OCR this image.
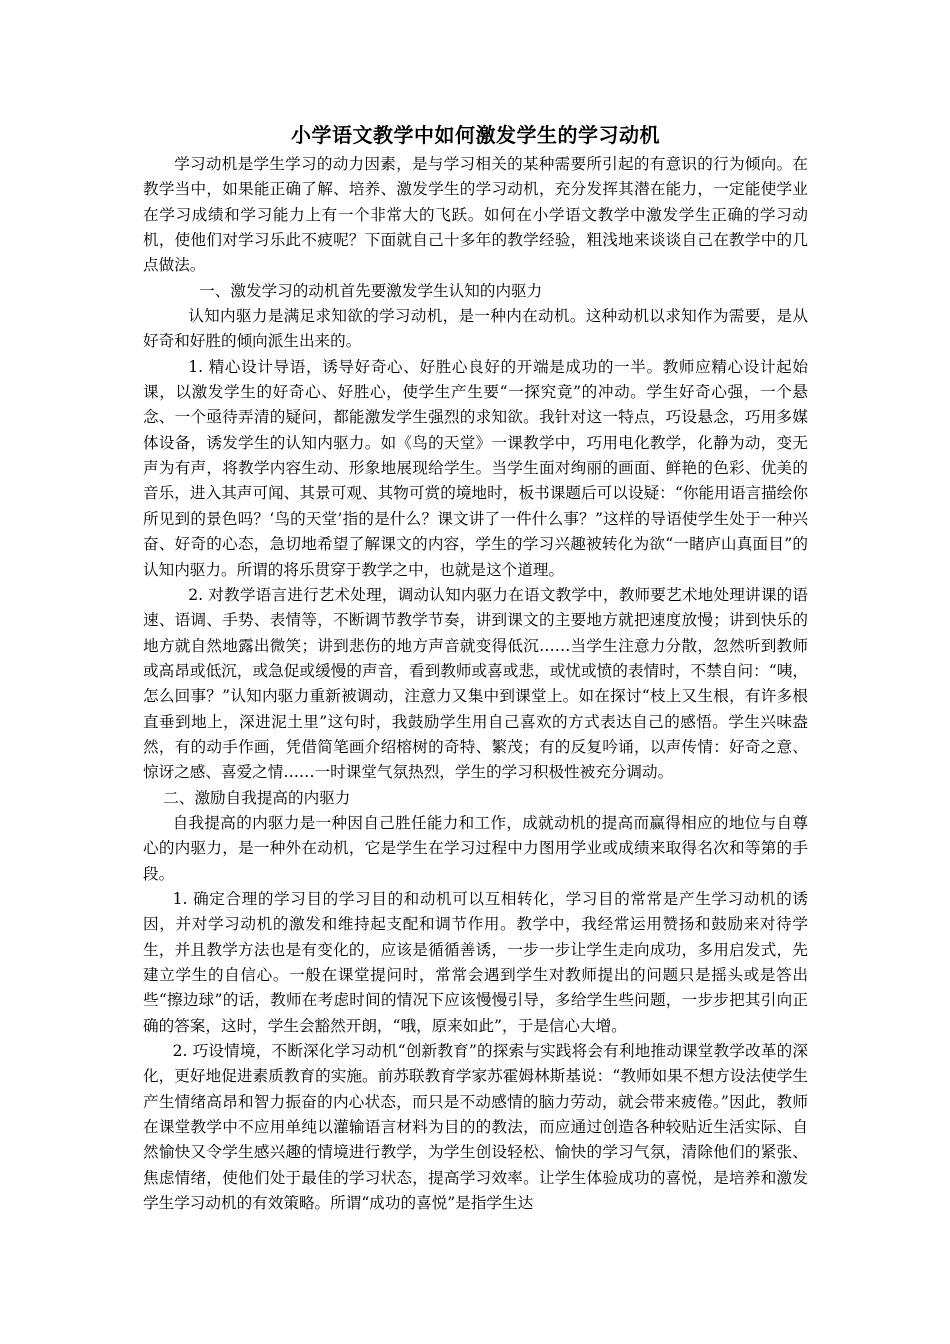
小学语文教学中如何激发学生的学习动机

学习动机是学生学习的动力因素，是与学习相关的某种需要所引起的有意识的行为倾向。在教学当中，如果能正确了解、培养、激发学生的学习动机，充分发挥其潜在能力，一定能使学业在学习成绩和学习能力上有一个非常大的飞跃。如何在小学语文教学中激发学生正确的学习动机，使他们对学习乐此不疲呢？下面就自己十多年的教学经验，粗浅地来谈谈自己在教学中的几点做法。

一、激发学习的动机首先要激发学生认知的内驱力

认知内驱力是满足求知欲的学习动机，是一种内在动机。这种动机以求知作为需要，是从好奇和好胜的倾向派生出来的。

1. 精心设计导语，诱导好奇心、好胜心良好的开端是成功的一半。教师应精心设计起始课，以激发学生的好奇心、好胜心，使学生产生要“一探究竟”的冲动。学生好奇心强，一个悬念、一个亟待弄清的疑问，都能激发学生强烈的求知欲。我针对这一特点，巧设悬念，巧用多媒体设备，诱发学生的认知内驱力。如《鸟的天堂》一课教学中，巧用电化教学，化静为动，变无声为有声，将教学内容生动、形象地展现给学生。当学生面对绚丽的画面、鲜艳的色彩、优美的音乐，进入其声可闻、其景可观、其物可赏的境地时，板书课题后可以设疑：“你能用语言描绘你所见到的景色吗？‘鸟的天堂’指的是什么？课文讲了一件什么事？”这样的导语使学生处于一种兴奋、好奇的心态，急切地希望了解课文的内容，学生的学习兴趣被转化为欲“一睹庐山真面目”的认知内驱力。所谓的将乐贯穿于教学之中，也就是这个道理。

2. 对教学语言进行艺术处理，调动认知内驱力在语文教学中，教师要艺术地处理讲课的语速、语调、手势、表情等，不断调节教学节奏，讲到课文的主要地方就把速度放慢；讲到快乐的地方就自然地露出微笑；讲到悲伤的地方声音就变得低沉……当学生注意力分散，忽然听到教师或高昂或低沉，或急促或缓慢的声音，看到教师或喜或悲，或忧或愤的表情时，不禁自问：“咦，怎么回事？”认知内驱力重新被调动，注意力又集中到课堂上。如在探讨“枝上又生根，有许多根直垂到地上，深进泥土里”这句时，我鼓励学生用自己喜欢的方式表达自己的感悟。学生兴味盎然，有的动手作画，凭借简笔画介绍榕树的奇特、繁茂；有的反复吟诵，以声传情：好奇之意、惊讶之感、喜爱之情……一时课堂气氛热烈，学生的学习积极性被充分调动。

二、激励自我提高的内驱力

自我提高的内驱力是一种因自己胜任能力和工作，成就动机的提高而赢得相应的地位与自尊心的内驱力，是一种外在动机，它是学生在学习过程中力图用学业或成绩来取得名次和等第的手段。

1. 确定合理的学习目的学习目的和动机可以互相转化，学习目的常常是产生学习动机的诱因，并对学习动机的激发和维持起支配和调节作用。教学中，我经常运用赞扬和鼓励来对待学生，并且教学方法也是有变化的，应该是循循善诱，一步一步让学生走向成功，多用启发式，先建立学生的自信心。一般在课堂提问时，常常会遇到学生对教师提出的问题只是摇头或是答出些“擦边球”的话，教师在考虑时间的情况下应该慢慢引导，多给学生些问题，一步步把其引向正确的答案，这时，学生会豁然开朗，“哦，原来如此”，于是信心大增。

2. 巧设情境，不断深化学习动机“创新教育”的探索与实践将会有利地推动课堂教学改革的深化，更好地促进素质教育的实施。前苏联教育学家苏霍姆林斯基说：“教师如果不想方设法使学生产生情绪高昂和智力振奋的内心状态，而只是不动感情的脑力劳动，就会带来疲倦。”因此，教师在课堂教学中不应用单纯以灌输语言材料为目的的教法，而应通过创造各种较贴近生活实际、自然愉快又令学生感兴趣的情境进行教学，为学生创设轻松、愉快的学习气氛，清除他们的紧张、焦虑情绪，使他们处于最佳的学习状态，提高学习效率。让学生体验成功的喜悦，是培养和激发学生学习动机的有效策略。所谓“成功的喜悦”是指学生达
